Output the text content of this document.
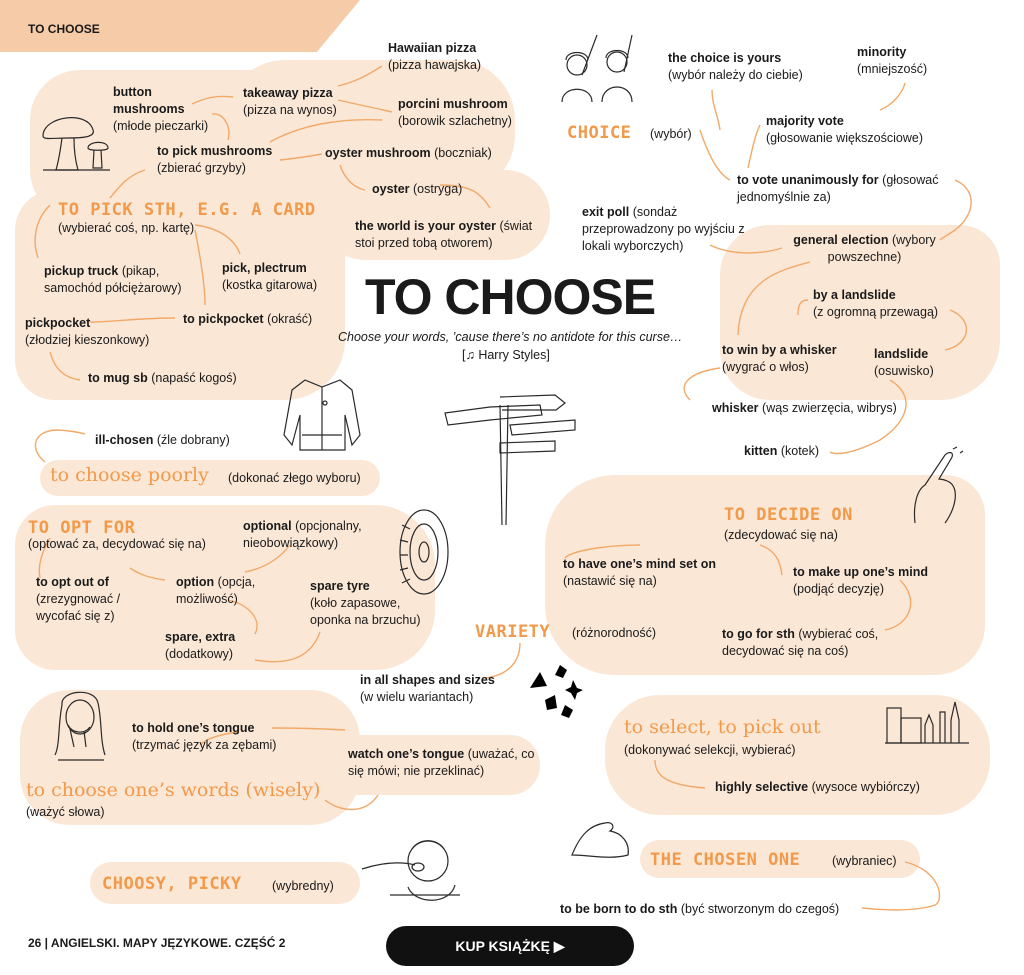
TO CHOOSE
TO CHOOSE
Choose your words, ’cause there’s no antidote for this curse…
[♫ Harry Styles]
TO PICK STH, E.G. A CARD
(wybierać coś, np. kartę)
button mushrooms
(młode pieczarki)
takeaway pizza
(pizza na wynos)
Hawaiian pizza
(pizza hawajska)
porcini mushroom
(borowik szlachetny)
to pick mushrooms
(zbierać grzyby)
oyster mushroom (boczniak)
oyster (ostryga)
the world is your oyster (świat stoi przed tobą otworem)
pickup truck (pikap, samochód półciężarowy)
pick, plectrum
(kostka gitarowa)
to pickpocket (okraść)
pickpocket
(złodziej kieszonkowy)
to mug sb (napaść kogoś)
ill-chosen (źle dobrany)
to choose poorly (dokonać złego wyboru)
TO OPT FOR
(optować za, decydować się na)
optional (opcjonalny, nieobowiązkowy)
to opt out of
(zrezygnować / wycofać się z)
option (opcja, możliwość)
spare tyre
(koło zapasowe, oponka na brzuchu)
spare, extra
(dodatkowy)
to hold one’s tongue
(trzymać język za zębami)
watch one’s tongue (uważać, co się mówi; nie przeklinać)
to choose one’s words (wisely)
(ważyć słowa)
CHOOSY, PICKY (wybredny)
CHOICE (wybór)
the choice is yours
(wybór należy do ciebie)
minority
(mniejszość)
majority vote
(głosowanie większościowe)
to vote unanimously for (głosować jednomyślnie za)
exit poll (sondaż przeprowadzony po wyjściu z lokali wyborczych)	general election (wybory powszechne)
by a landslide
(z ogromną przewagą)
to win by a whisker
(wygrać o włos)
landslide
(osuwisko)
whisker (wąs zwierzęcia, wibrys)
kitten (kotek)
TO DECIDE ON
(zdecydować się na)
to have one’s mind set on
(nastawić się na)
to make up one’s mind
(podjąć decyzję)
to go for sth (wybierać coś, decydować się na coś)
VARIETY (różnorodność)
in all shapes and sizes
(w wielu wariantach)
to select, to pick out
(dokonywać selekcji, wybierać)
highly selective (wysoce wybiórczy)
THE CHOSEN ONE	(wybraniec)
to be born to do sth (być stworzonym do czegoś)
26 | ANGIELSKI. MAPY JĘZYKOWE. CZĘŚĆ 2	KUP KSIĄŻKĘ ▶
